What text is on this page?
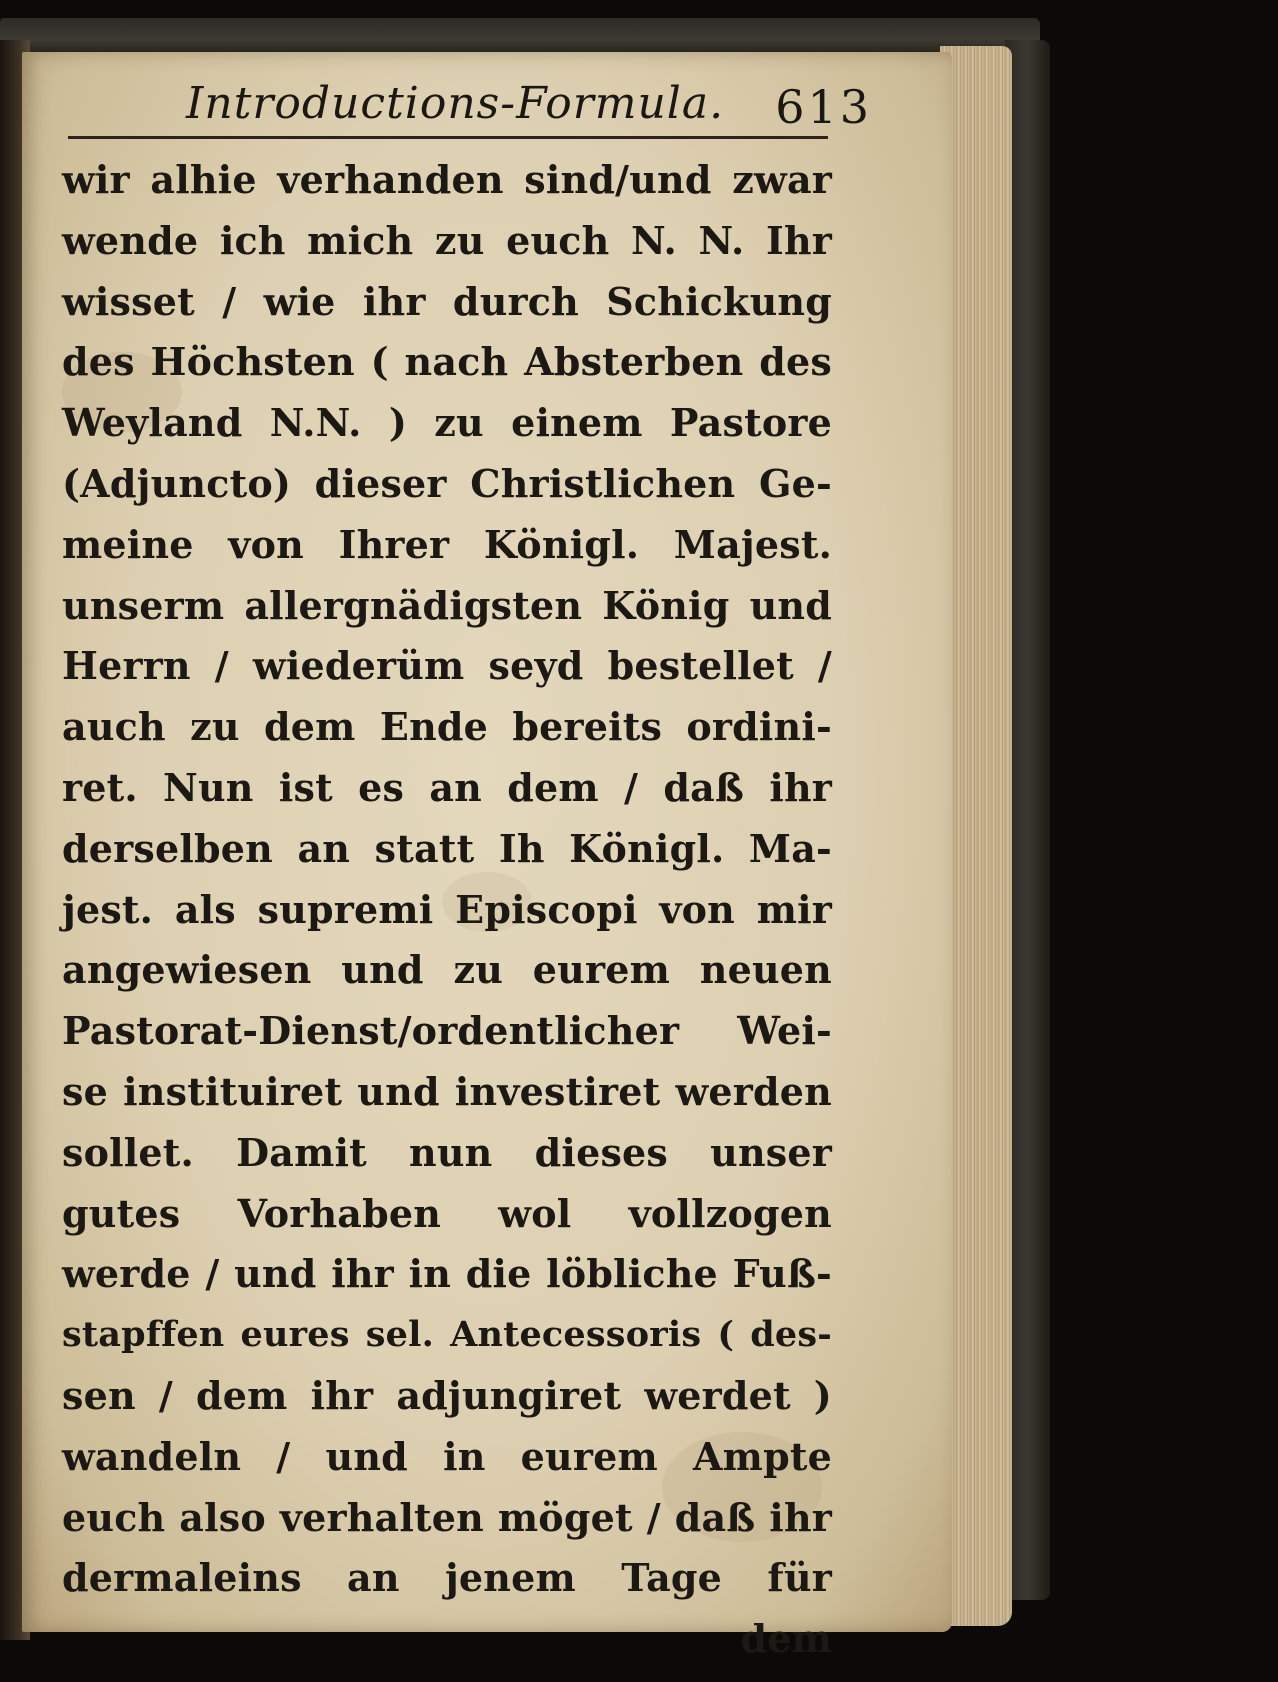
Introductions-Formula. 613
wir alhie verhanden sind/und zwar
wende ich mich zu euch N. N. Ihr
wisset / wie ihr durch Schickung
des Höchsten ( nach Absterben des
Weyland N.N. ) zu einem Pastore
(Adjuncto) dieser Christlichen Ge-
meine von Ihrer Königl. Majest.
unserm allergnädigsten König und
Herrn / wiederüm seyd bestellet /
auch zu dem Ende bereits ordini-
ret. Nun ist es an dem / daß ihr
derselben an statt Ih Königl. Ma-
jest. als supremi Episcopi von mir
angewiesen und zu eurem neuen
Pastorat-Dienst/ordentlicher Wei-
se instituiret und investiret werden
sollet. Damit nun dieses unser
gutes Vorhaben wol vollzogen
werde / und ihr in die löbliche Fuß-
stapffen eures sel. Antecessoris ( des-
sen / dem ihr adjungiret werdet )
wandeln / und in eurem Ampte
euch also verhalten möget / daß ihr
dermaleins an jenem Tage für
dem
